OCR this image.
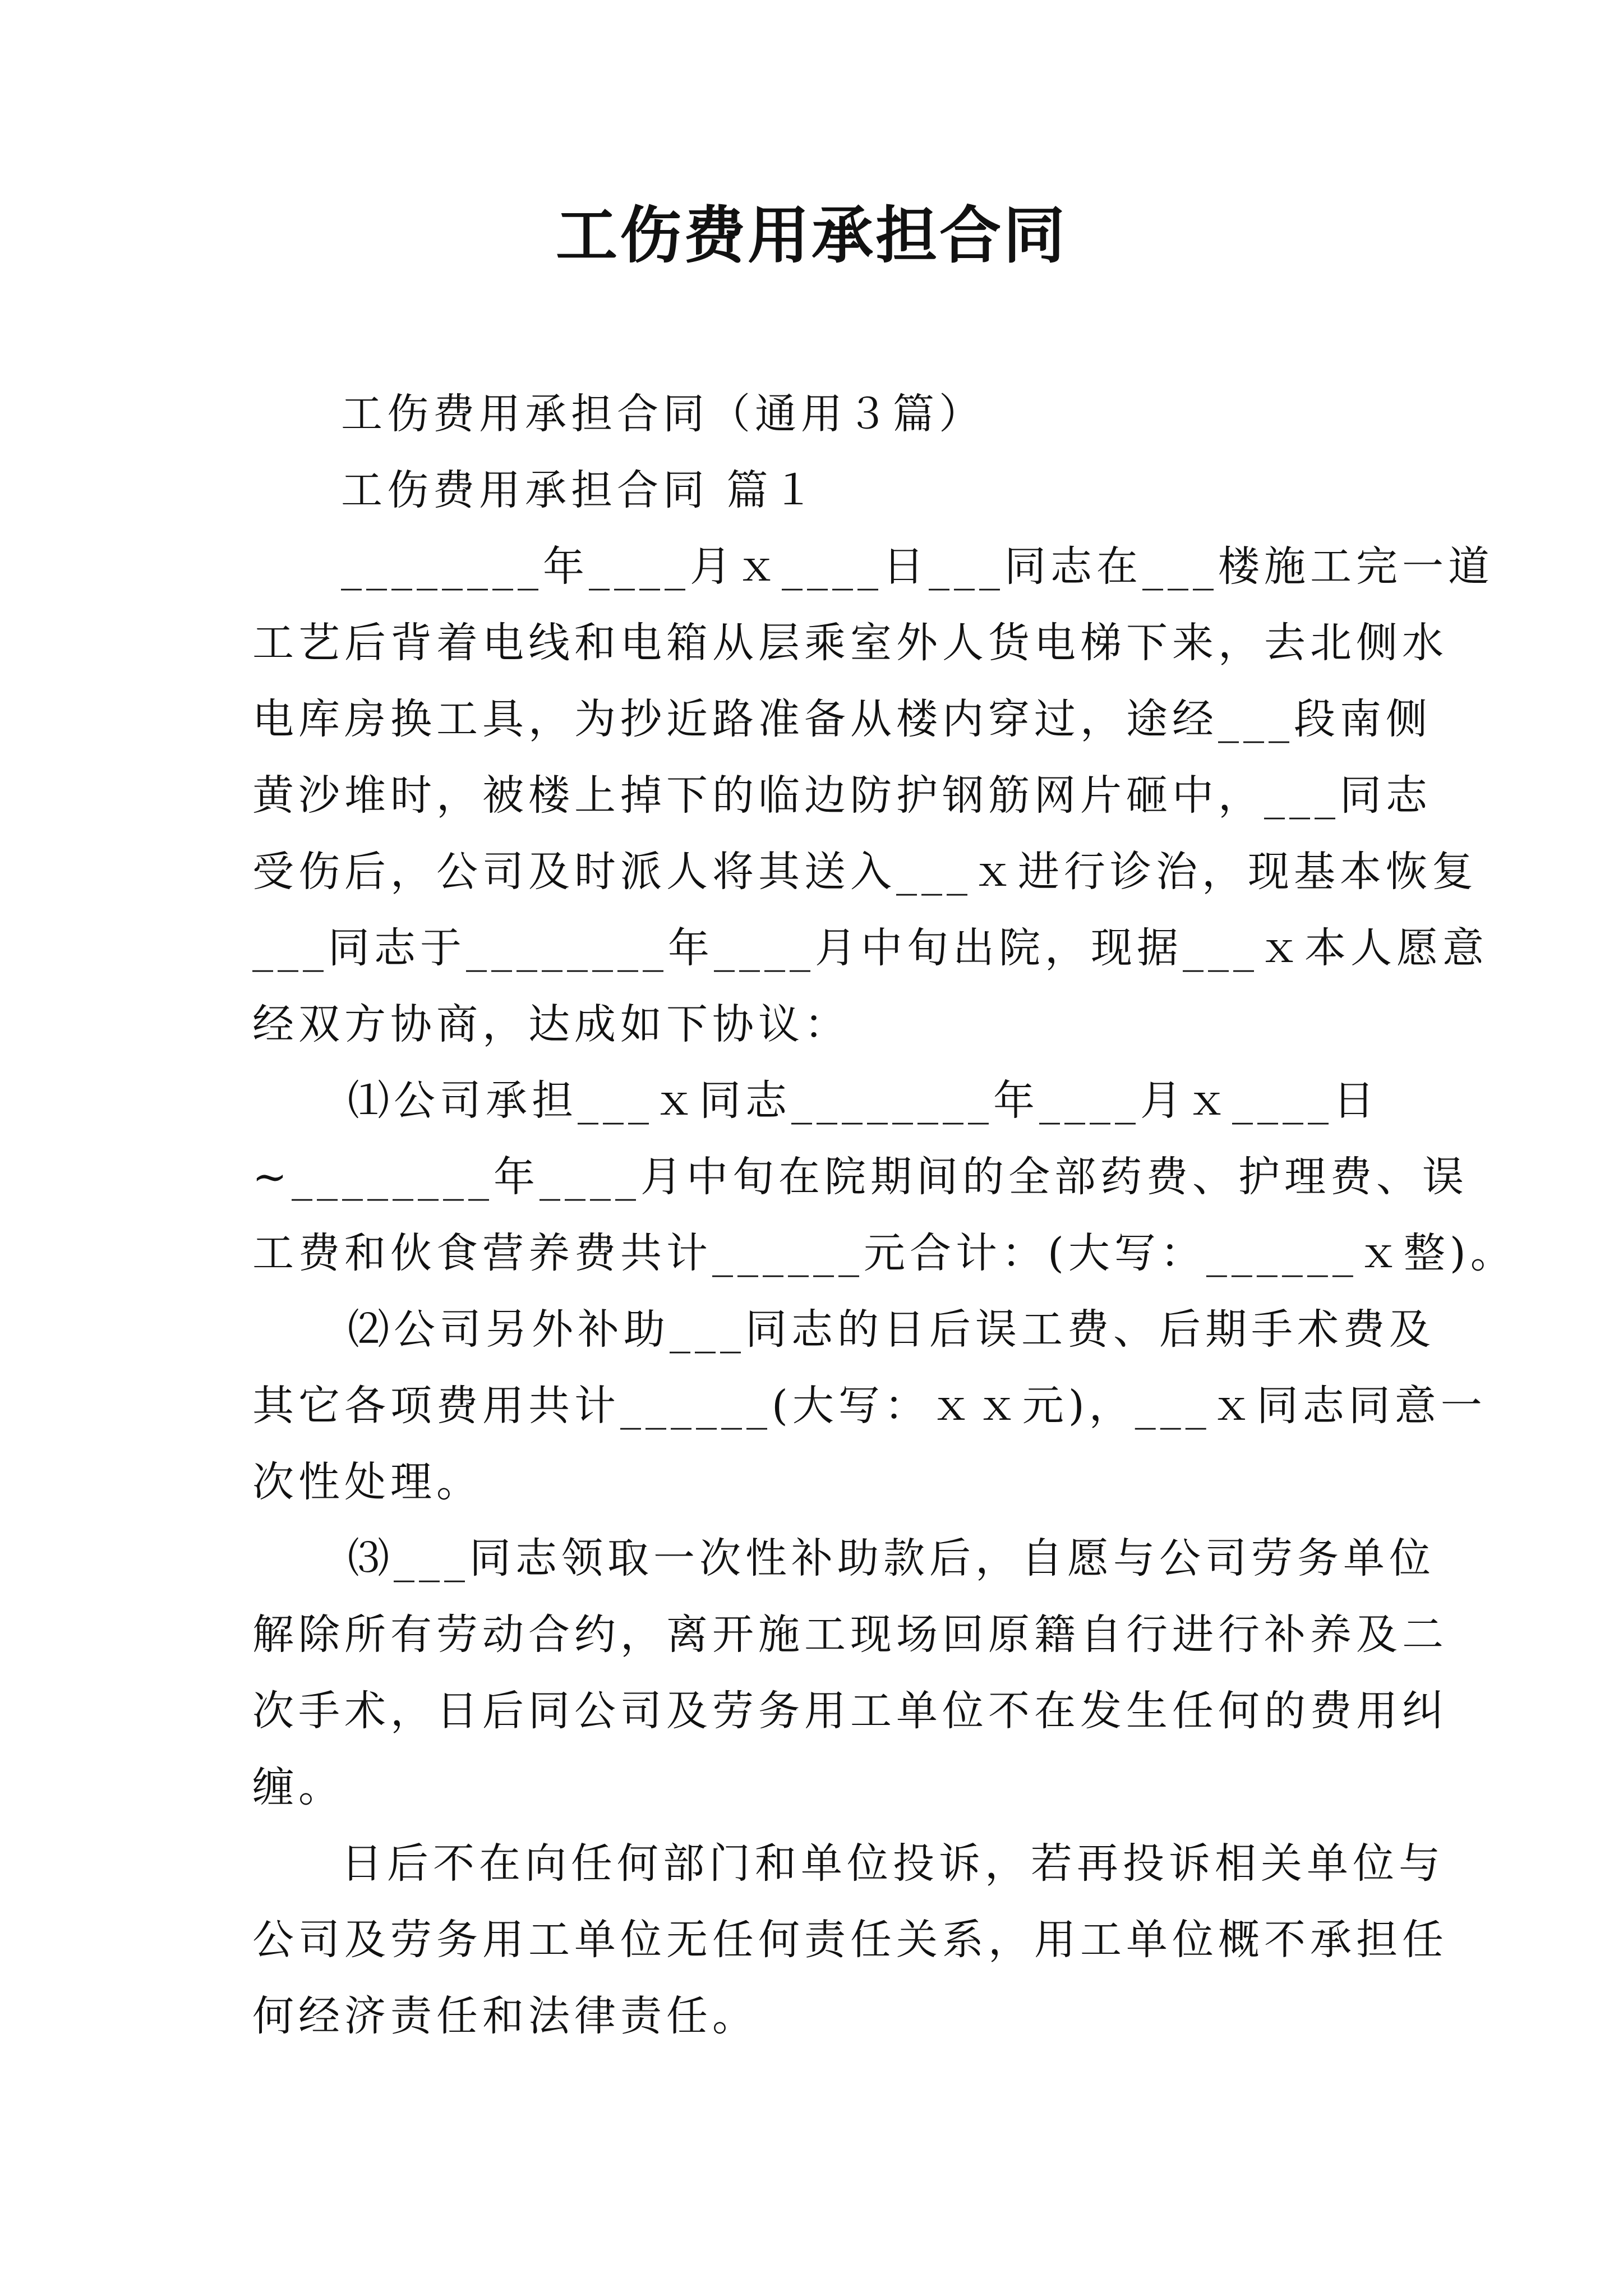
工伤费用承担合同
工伤费用承担合同（通用３篇）
工伤费用承担合同 篇１
________年____月ｘ____日___同志在___楼施工完一道
工艺后背着电线和电箱从层乘室外人货电梯下来，去北侧水
电库房换工具，为抄近路准备从楼内穿过，途经___段南侧
黄沙堆时，被楼上掉下的临边防护钢筋网片砸中，___同志
受伤后，公司及时派人将其送入___ｘ进行诊治，现基本恢复
___同志于________年____月中旬出院，现据___ｘ本人愿意
经双方协商，达成如下协议：
⑴公司承担___ｘ同志________年____月ｘ____日
~________年____月中旬在院期间的全部药费、护理费、误
工费和伙食营养费共计______元合计：(大写：______ｘ整)。
⑵公司另外补助___同志的日后误工费、后期手术费及
其它各项费用共计______(大写：ｘｘ元)，___ｘ同志同意一
次性处理。
⑶___同志领取一次性补助款后，自愿与公司劳务单位
解除所有劳动合约，离开施工现场回原籍自行进行补养及二
次手术，日后同公司及劳务用工单位不在发生任何的费用纠
缠。
日后不在向任何部门和单位投诉，若再投诉相关单位与
公司及劳务用工单位无任何责任关系，用工单位概不承担任
何经济责任和法律责任。
